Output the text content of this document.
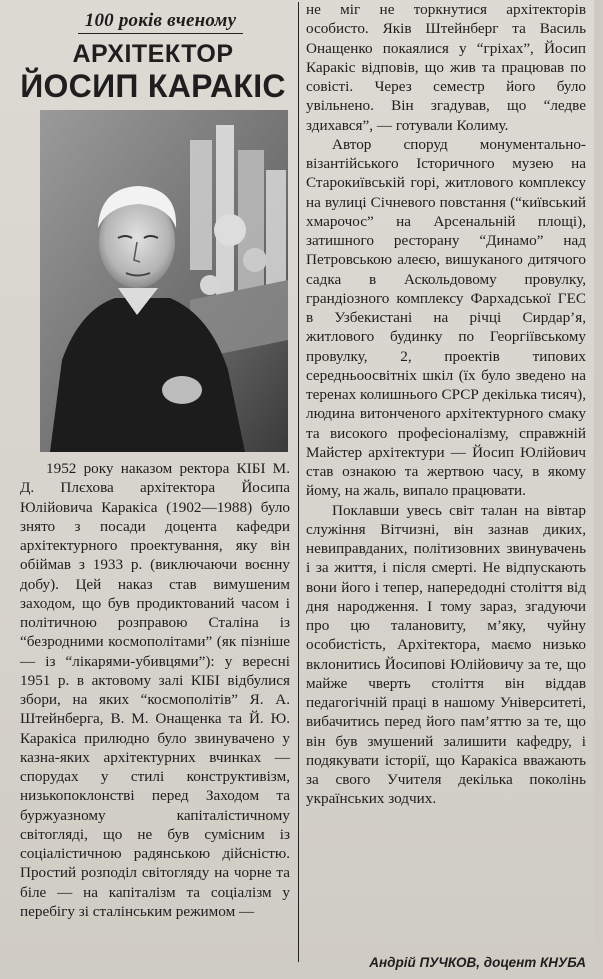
100 років вченому
АРХІТЕКТОР
ЙОСИП КАРАКІС

1952 року наказом ректора КІБІ М. Д. Плєхова архітектора Йосипа Юлійовича Каракіса (1902—1988) було знято з посади доцента кафедри архітектурного проектування, яку він обіймав з 1933 р. (виключаючи воєнну добу). Цей наказ став вимушеним заходом, що був продиктований часом і політичною розправою Сталіна із “безродними космополітами” (як пізніше — із “лікарями-убивцями”): у вересні 1951 р. в актовому залі КІБІ відбулися збори, на яких “космополітів” Я. А. Штейнберга, В. М. Онащенка та Й. Ю. Каракіса прилюдно було звинувачено у казна-яких архітектурних вчинках — спорудах у стилі конструктивізм, низькопоклонстві перед Заходом та буржуазному капіталістичному світогляді, що не був сумісним із соціалістичною радянською дійсністю. Простий розподіл світогляду на чорне та біле — на капіталізм та соціалізм у перебігу зі сталінським режимом —

не міг не торкнутися архітекторів особисто. Яків Штейнберг та Василь Онащенко покаялися у “гріхах”, Йосип Каракіс відповів, що жив та працював по совісті. Через семестр його було увільнено. Він згадував, що “ледве здихався”, — готували Колиму.

Автор споруд монументально-візантійського Історичного музею на Старокиївській горі, житлового комплексу на вулиці Січневого повстання (“київський хмарочос” на Арсенальній площі), затишного ресторану “Динамо” над Петровською алеєю, вишуканого дитячого садка в Аскольдовому провулку, грандіозного комплексу Фархадської ГЕС в Узбекистані на річці Сирдар’я, житлового будинку по Георгіївському провулку, 2, проектів типових середньоосвітніх шкіл (їх було зведено на теренах колишнього СРСР декілька тисяч), людина витонченого архітектурного смаку та високого професіоналізму, справжній Майстер архітектури — Йосип Юлійович став ознакою та жертвою часу, в якому йому, на жаль, випало працювати.

Поклавши увесь світ талан на вівтар служіння Вітчизні, він зазнав диких, невиправданих, політизовних звинувачень і за життя, і після смерті. Не відпускають вони його і тепер, напередодні століття від дня народження. І тому зараз, згадуючи про цю талановиту, м’яку, чуйну особистість, Архітектора, маємо низько вклонитись Йосипові Юлійовичу за те, що майже чверть століття він віддав педагогічній праці в нашому Університеті, вибачитись перед його пам’яттю за те, що він був змушений залишити кафедру, і подякувати історії, що Каракіса вважають за свого Учителя декілька поколінь українських зодчих.

Андрій ПУЧКОВ, доцент КНУБА
